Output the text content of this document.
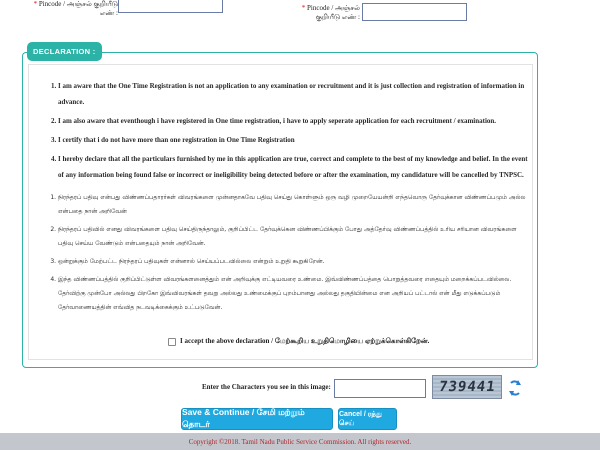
* Pincode / அஞ்சல் குறியீடு எண் :
* Pincode / அஞ்சல் குறியீடு எண் :
DECLARATION :
1. I am aware that the One Time Registration is not an application to any examination or recruitment and it is just collection and registration of information in advance.
2. I am also aware that eventhough i have registered in One time registration, i have to apply seperate application for each recruitment / examination.
3. I certify that i do not have more than one registration in One Time Registration
4. I hereby declare that all the particulars furnished by me in this application are true, correct and complete to the best of my knowledge and belief. In the event of any information being found false or incorrect or ineligibility being detected before or after the examination, my candidature will be cancelled by TNPSC.
1. நிரந்தரப் பதிவு என்பது விண்ணப்பதாரர்கள் விவரங்களை முன்னதாகவே பதிவு செய்து கொள்ளும் ஒரு வழி முறையேயன்றி எந்தவொரு தேர்வுக்கான விண்ணப்பமும் அல்ல என்பதை நான் அறிவேன்
2. நிரந்தரப் பதிவில் எனது விவரங்களை பதிவு செய்திருந்தாலும், குறிப்பிட்ட தேர்வுக்கென விண்ணப்பிக்கும் போது அத்தேர்வு விண்ணப்பத்தில் உரிய சரியான விவரங்களை பதிவு செய்ய வேண்டும் என்பதையும் நான் அறிவேன்.
3. ஒன்றுக்கும் மேற்பட்ட நிரந்தரப் பதிவுகள் என்னால் செய்யப்படவில்லை என்றும் உறுதி கூறுகிறேன்.
4. இந்த விண்ணப்பத்தில் குறிப்பிட்டுள்ள விவரங்களனைத்தும் என் அறிவுக்கு எட்டியவரை உண்மை. இவ்விண்ணப்பத்தை பொறுத்தவரை எதையும் மறைக்கப்படவில்லை. தேர்விற்கு முன்போ அல்லது பிறகோ இவ்விவரங்கள் தவறு அல்லது உண்மைக்குப் புறம்பானது அல்லது தகுதியின்மை என அறியப் பட்டால் என் மீது எடுக்கப்படும் தேர்வாணையத்தின் எவ்வித நடவடிக்கைக்கும் உட்படுவேன்.
I accept the above declaration / மேற்கூறிய உறுதிமொழியை ஏற்றுக்கொள்கிறேன்.
Enter the Characters you see in this image:	739441
Save & Continue / சேமி மற்றும் தொடர்
Cancel / ரத்து செய்
Copyright ©2018. Tamil Nadu Public Service Commission. All rights reserved.
